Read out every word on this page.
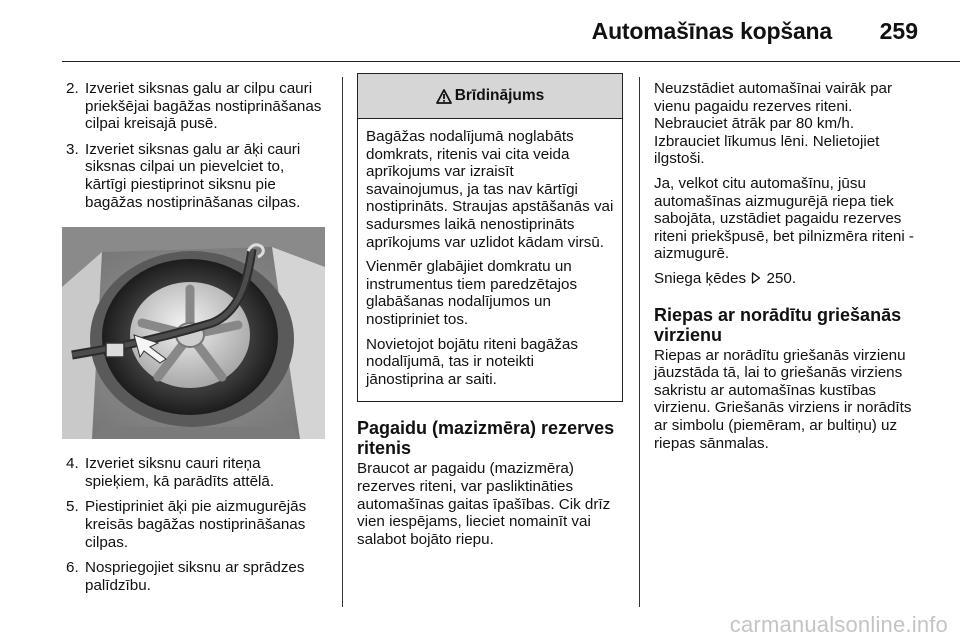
Automašīnas kopšana 259
2. Izveriet siksnas galu ar cilpu cauri priekšējai bagāžas nostiprināšanas cilpai kreisajā pusē.
3. Izveriet siksnas galu ar āķi cauri siksnas cilpai un pievelciet to, kārtīgi piestiprinot siksnu pie bagāžas nostiprināšanas cilpas.
4. Izveriet siksnu cauri riteņa spieķiem, kā parādīts attēlā.
5. Piestipriniet āķi pie aizmugurējās kreisās bagāžas nostiprināšanas cilpas.
6. Nospriegojiet siksnu ar sprādzes palīdzību.
Brīdinājums

Bagāžas nodalījumā noglabāts domkrats, ritenis vai cita veida aprīkojums var izraisīt savainojumus, ja tas nav kārtīgi nostiprināts. Straujas apstāšanās vai sadursmes laikā nenostiprināts aprīkojums var uzlidot kādam virsū.

Vienmēr glabājiet domkratu un instrumentus tiem paredzētajos glabāšanas nodalījumos un nostipriniet tos.

Novietojot bojātu riteni bagāžas nodalījumā, tas ir noteikti jānostiprina ar saiti.

Pagaidu (mazizmēra) rezerves ritenis

Braucot ar pagaidu (mazizmēra) rezerves riteni, var pasliktināties automašīnas gaitas īpašības. Cik drīz vien iespējams, lieciet nomainīt vai salabot bojāto riepu.

Neuzstādiet automašīnai vairāk par vienu pagaidu rezerves riteni. Nebrauciet ātrāk par 80 km/h. Izbrauciet līkumus lēni. Nelietojiet ilgstoši.

Ja, velkot citu automašīnu, jūsu automašīnas aizmugurējā riepa tiek sabojāta, uzstādiet pagaidu rezerves riteni priekšpusē, bet pilnizmēra riteni - aizmugurē.

Sniega ķēdes 250.

Riepas ar norādītu griešanās virzienu

Riepas ar norādītu griešanās virzienu jāuzstāda tā, lai to griešanās virziens sakristu ar automašīnas kustības virzienu. Griešanās virziens ir norādīts ar simbolu (piemēram, ar bultiņu) uz riepas sānmalas.

carmanualsonline.info
